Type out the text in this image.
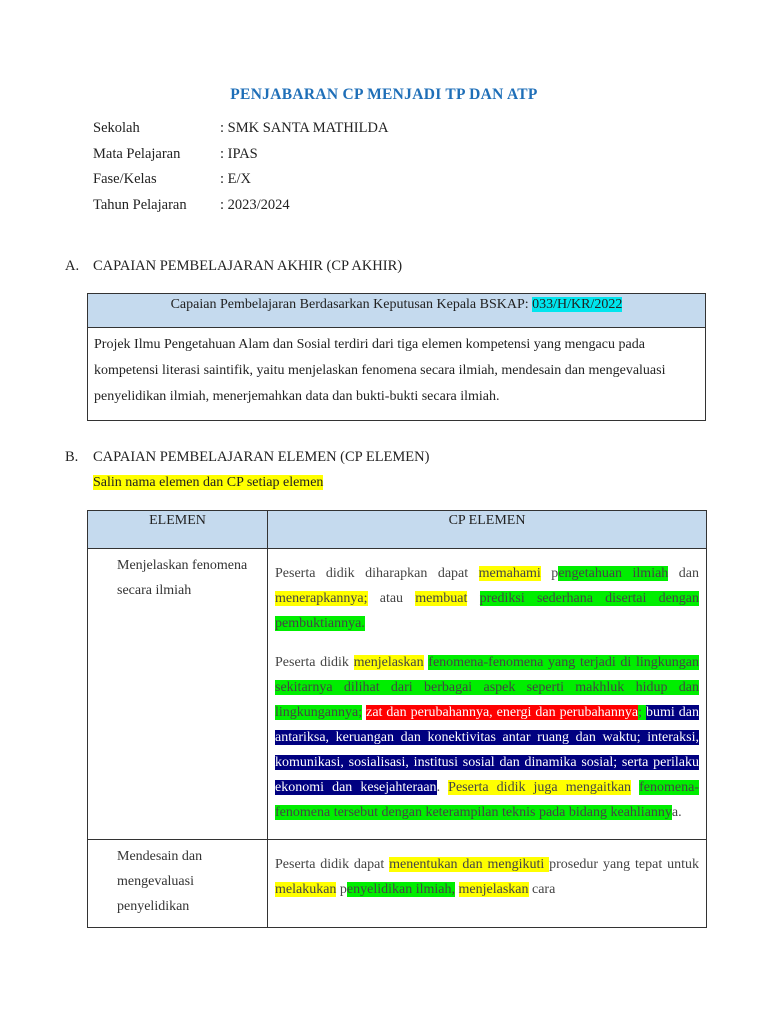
PENJABARAN CP MENJADI TP DAN ATP
Sekolah	: SMK SANTA MATHILDA
Mata Pelajaran	: IPAS
Fase/Kelas	: E/X
Tahun Pelajaran	: 2023/2024
A. CAPAIAN PEMBELAJARAN AKHIR (CP AKHIR)
Capaian Pembelajaran Berdasarkan Keputusan Kepala BSKAP: 033/H/KR/2022
Projek Ilmu Pengetahuan Alam dan Sosial terdiri dari tiga elemen kompetensi yang mengacu pada kompetensi literasi saintifik, yaitu menjelaskan fenomena secara ilmiah, mendesain dan mengevaluasi penyelidikan ilmiah, menerjemahkan data dan bukti-bukti secara ilmiah.
B.	CAPAIAN PEMBELAJARAN ELEMEN (CP ELEMEN)
Salin nama elemen dan CP setiap elemen
ELEMEN	CP ELEMEN
Menjelaskan fenomena secara ilmiah	Peserta didik diharapkan dapat memahami pengetahuan ilmiah dan menerapkannya; atau membuat prediksi sederhana disertai dengan pembuktiannya.

Peserta didik menjelaskan fenomena-fenomena yang terjadi di lingkungan sekitarnya dilihat dari berbagai aspek seperti makhluk hidup dan lingkungannya; zat dan perubahannya, energi dan perubahannya; bumi dan antariksa, keruangan dan konektivitas antar ruang dan waktu; interaksi, komunikasi, sosialisasi, institusi sosial dan dinamika sosial; serta perilaku ekonomi dan kesejahteraan. Peserta didik juga mengaitkan fenomena-fenomena tersebut dengan keterampilan teknis pada bidang keahliannya.

Mendesain dan mengevaluasi penyelidikan	Peserta didik dapat menentukan dan mengikuti prosedur yang tepat untuk melakukan penyelidikan ilmiah, menjelaskan cara
